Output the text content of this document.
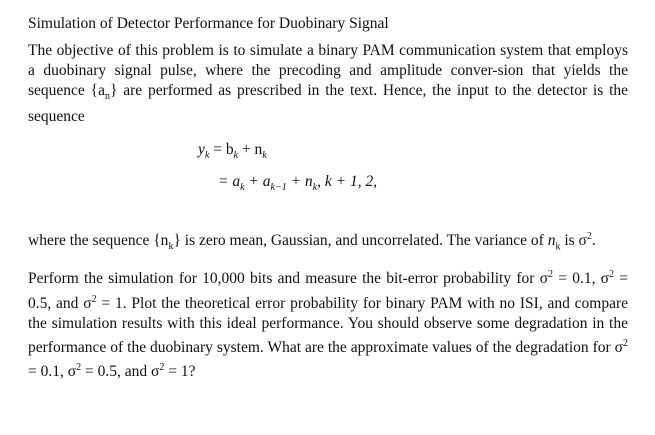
Simulation of Detector Performance for Duobinary Signal

The objective of this problem is to simulate a binary PAM communication system that employs a duobinary signal pulse, where the precoding and amplitude conver-sion that yields the sequence $\{a_n\}$ are performed as prescribed in the text. Hence, the input to the detector is the sequence

$y_k = b_k + n_k$
= $a_k + a_{k-1} + n_k$, k + 1, 2,

where the sequence $\{n_k\}$ is zero mean, Gaussian, and uncorrelated. The variance of $n_k$ is $\sigma^2$.

Perform the simulation for 10,000 bits and measure the bit-error probability for $\sigma^2 = 0.1$, $\sigma^2 = 0.5$, and $\sigma^2 = 1$. Plot the theoretical error probability for binary PAM with no ISI, and compare the simulation results with this ideal performance. You should observe some degradation in the performance of the duobinary system. What are the approximate values of the degradation for $\sigma^2 = 0.1$, $\sigma^2 = 0.5$, and $\sigma^2 = 1$?
